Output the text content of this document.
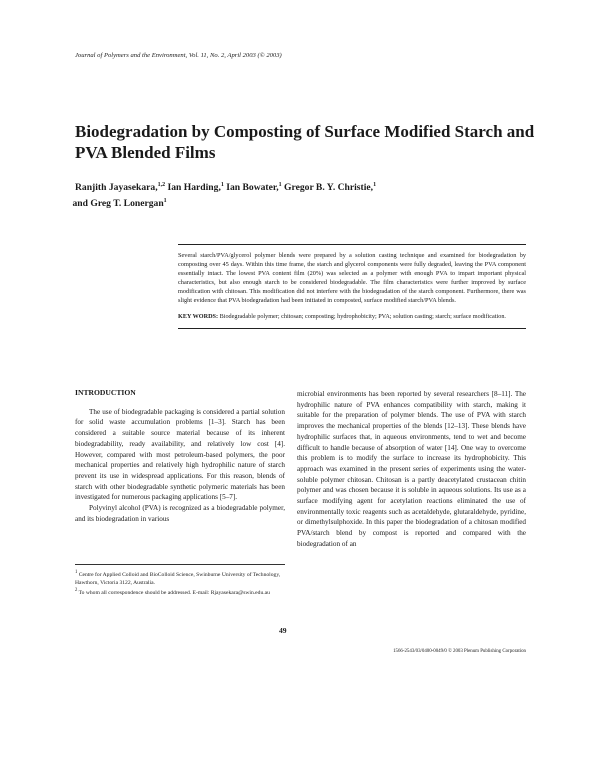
Journal of Polymers and the Environment, Vol. 11, No. 2, April 2003 (© 2003)
Biodegradation by Composting of Surface Modified Starch and PVA Blended Films
Ranjith Jayasekara,$^{1,2}$ Ian Harding,$^1$ Ian Bowater,$^1$ Gregor B. Y. Christie,$^1$
and Greg T. Lonergan$^1$

Several starch/PVA/glycerol polymer blends were prepared by a solution casting technique and examined for biodegradation by composting over 45 days. Within this time frame, the starch and glycerol components were fully degraded, leaving the PVA component essentially intact. The lowest PVA content film (20%) was selected as a polymer with enough PVA to impart important physical characteristics, but also enough starch to be considered biodegradable. The film characteristics were further improved by surface modification with chitosan. This modification did not interfere with the biodegradation of the starch component. Furthermore, there was slight evidence that PVA biodegradation had been initiated in composted, surface modified starch/PVA blends.

KEY WORDS: Biodegradable polymer; chitosan; composting; hydrophobicity; PVA; solution casting; starch; surface modification.

INTRODUCTION

The use of biodegradable packaging is considered a partial solution for solid waste accumulation problems [1–3]. Starch has been considered a suitable source material because of its inherent biodegradability, ready availability, and relatively low cost [4]. However, compared with most petroleum-based polymers, the poor mechanical properties and relatively high hydrophilic nature of starch prevent its use in widespread applications. For this reason, blends of starch with other biodegradable synthetic polymeric materials has been investigated for numerous packaging applications [5–7].

Polyvinyl alcohol (PVA) is recognized as a biodegradable polymer, and its biodegradation in various

microbial environments has been reported by several researchers [8–11]. The hydrophilic nature of PVA enhances compatibility with starch, making it suitable for the preparation of polymer blends. The use of PVA with starch improves the mechanical properties of the blends [12–13]. These blends have hydrophilic surfaces that, in aqueous environments, tend to wet and become difficult to handle because of absorption of water [14]. One way to overcome this problem is to modify the surface to increase its hydrophobicity. This approach was examined in the present series of experiments using the water-soluble polymer chitosan. Chitosan is a partly deacetylated crustacean chitin polymer and was chosen because it is soluble in aqueous solutions. Its use as a surface modifying agent for acetylation reactions eliminated the use of environmentally toxic reagents such as acetaldehyde, glutaraldehyde, pyridine, or dimethylsulphoxide. In this paper the biodegradation of a chitosan modified PVA/starch blend by compost is reported and compared with the biodegradation of an

$^1$ Centre for Applied Colloid and BioColloid Science, Swinburne University of Technology, Hawthorn, Victoria 3122, Australia.
$^2$ To whom all correspondence should be addressed. E-mail: Rjayasekara@swin.edu.au
49
1566-2543/03/0400-0049/0 © 2003 Plenum Publishing Corporation
